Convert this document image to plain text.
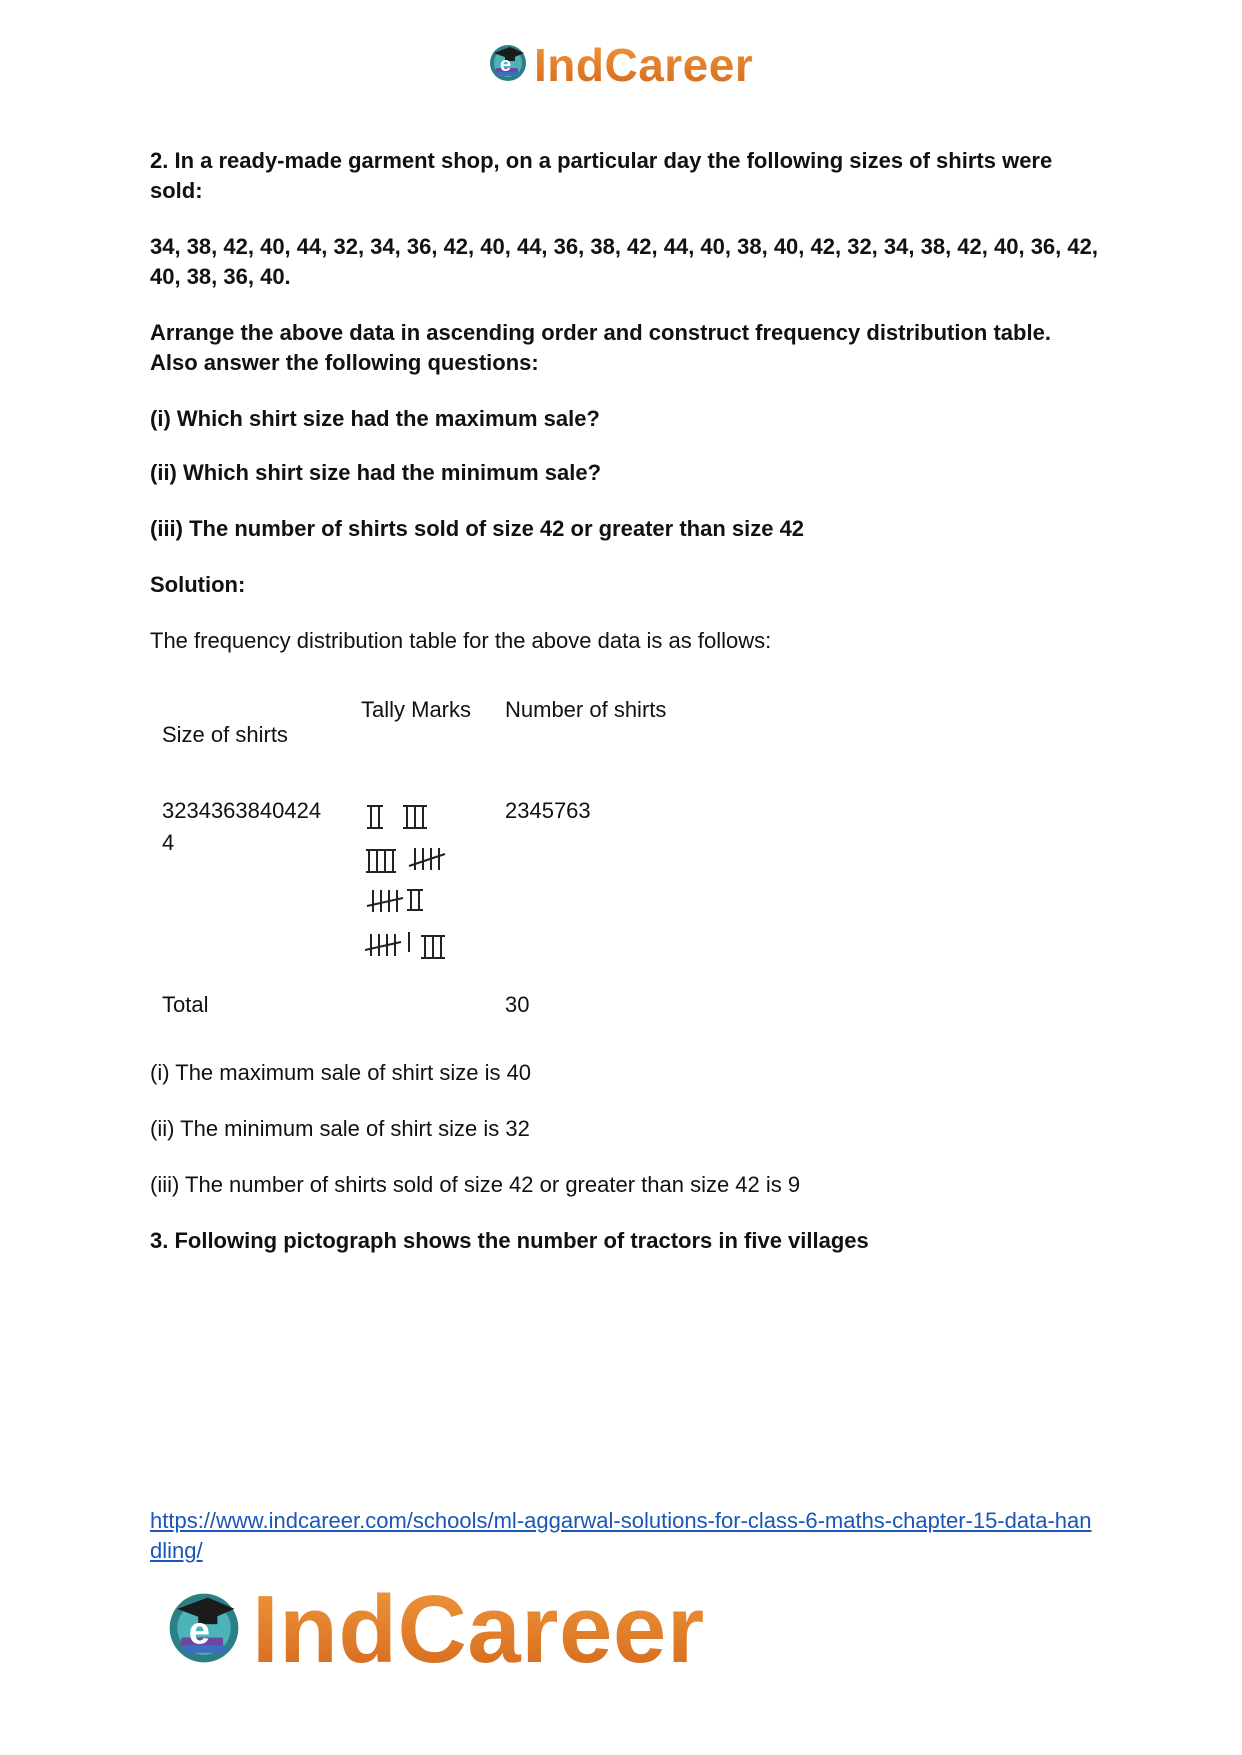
e IndCareer

2. In a ready-made garment shop, on a particular day the following sizes of shirts were sold:

34, 38, 42, 40, 44, 32, 34, 36, 42, 40, 44, 36, 38, 42, 44, 40, 38, 40, 42, 32, 34, 38, 42, 40, 36, 42, 40, 38, 36, 40.

Arrange the above data in ascending order and construct frequency distribution table. Also answer the following questions:

(i) Which shirt size had the maximum sale?

(ii) Which shirt size had the minimum sale?

(iii) The number of shirts sold of size 42 or greater than size 42

Solution:

The frequency distribution table for the above data is as follows:

Size of shirts
Tally Marks Number of shirts
3234363840424
4
2345763
Total	30

(i) The maximum sale of shirt size is 40

(ii) The minimum sale of shirt size is 32

(iii) The number of shirts sold of size 42 or greater than size 42 is 9

3. Following pictograph shows the number of tractors in five villages

https://www.indcareer.com/schools/ml-aggarwal-solutions-for-class-6-maths-chapter-15-data-handling/
e IndCareer
